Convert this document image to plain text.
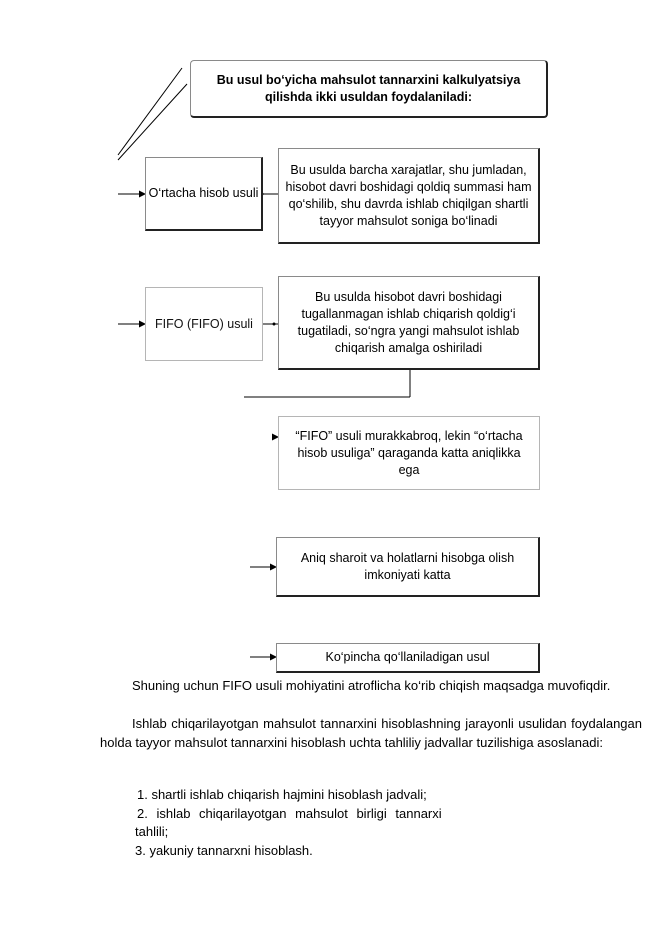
Bu usul bo‘yicha mahsulot tannarxini kalkulyatsiya qilishda ikki usuldan foydalaniladi:
O‘rtacha hisob usuli
FIFO (FIFO) usuli
Bu usulda barcha xarajatlar, shu jumladan, hisobot davri boshidagi qoldiq summasi ham qo‘shilib, shu davrda ishlab chiqilgan shartli tayyor mahsulot soniga bo‘linadi
Bu usulda hisobot davri boshidagi tugallanmagan ishlab chiqarish qoldig‘i tugatiladi, so‘ngra yangi mahsulot ishlab chiqarish amalga oshiriladi
“FIFO” usuli murakkabroq, lekin “o‘rtacha hisob usuliga” qaraganda katta aniqlikka ega
Aniq sharoit va holatlarni hisobga olish imkoniyati katta
Ko‘pincha qo‘llaniladigan usul
Shuning uchun FIFO usuli mohiyatini atroflicha ko‘rib chiqish maqsadga muvofiqdir.
Ishlab chiqarilayotgan mahsulot tannarxini hisoblashning jarayonli usulidan foydalangan holda tayyor mahsulot tannarxini hisoblash uchta tahliliy jadvallar tuzilishiga asoslanadi:
1. shartli ishlab chiqarish hajmini hisoblash jadvali;
2. ishlab chiqarilayotgan mahsulot birligi tannarxi
tahlili;
3. yakuniy tannarxni hisoblash.
